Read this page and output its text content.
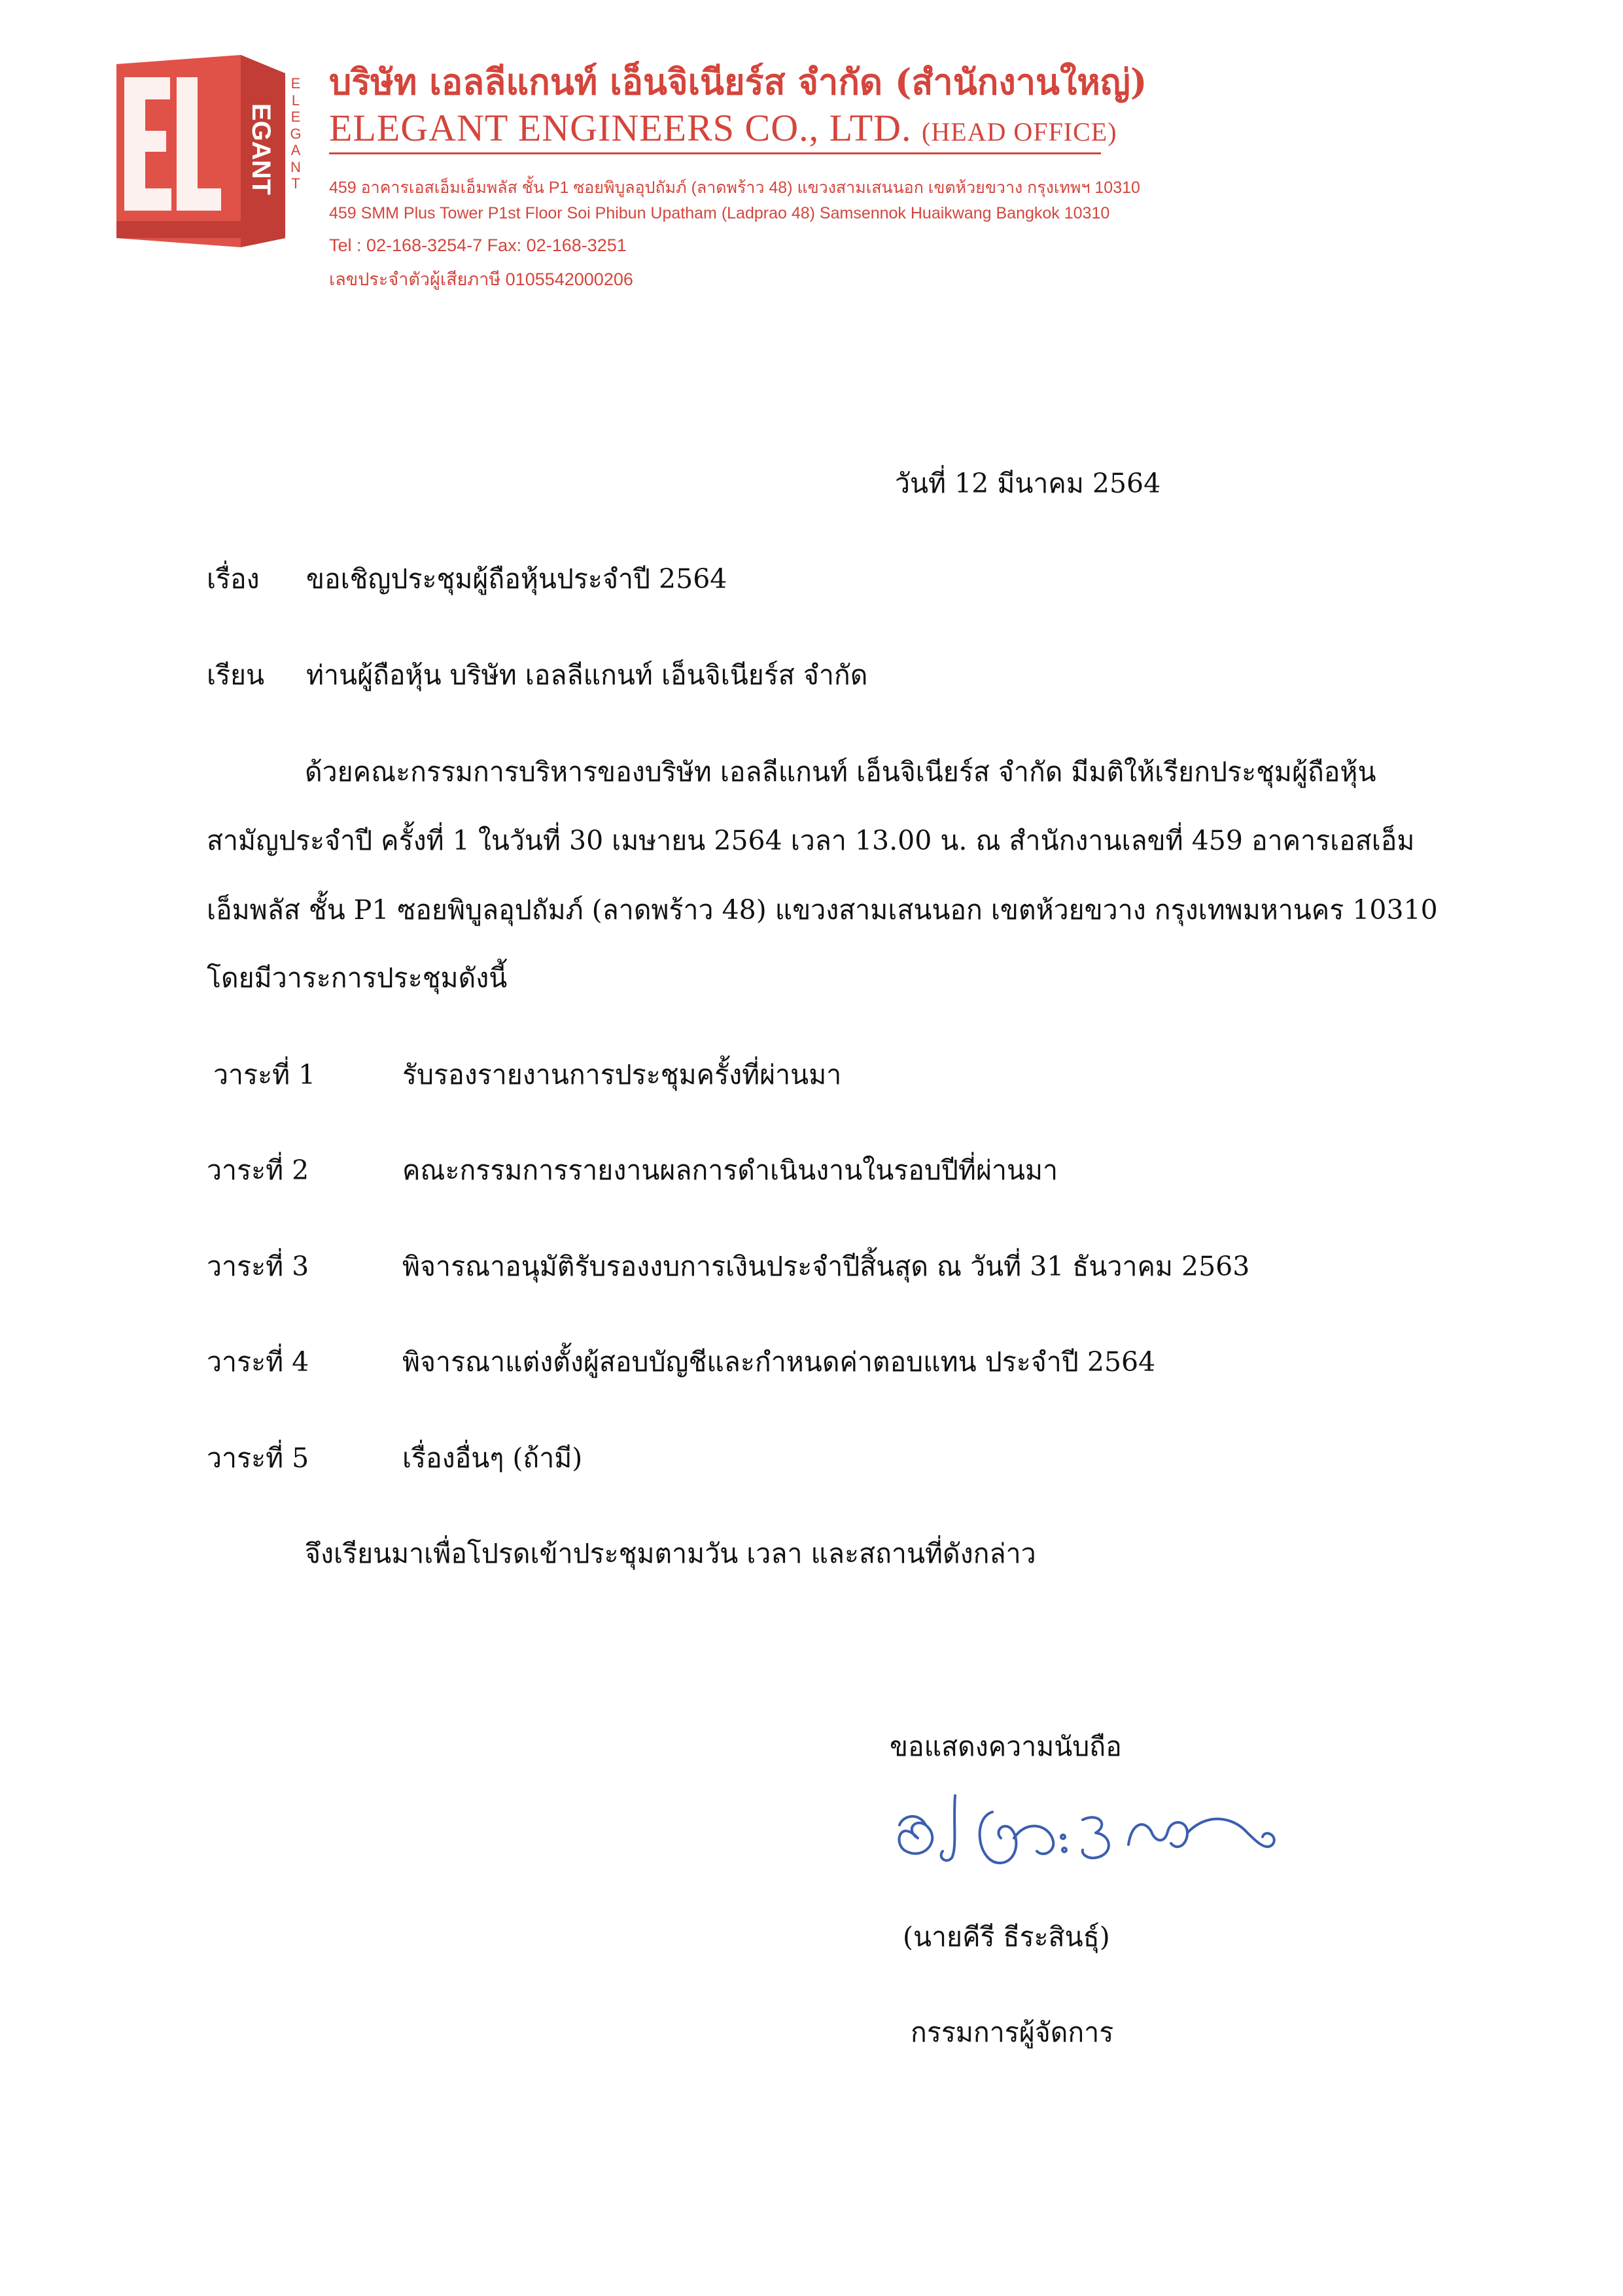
EGANT
E
L
E
G
A
N
T
บริษัท เอลลีแกนท์ เอ็นจิเนียร์ส จำกัด (สำนักงานใหญ่)
ELEGANT ENGINEERS CO., LTD. (HEAD OFFICE)
459 อาคารเอสเอ็มเอ็มพลัส ชั้น P1 ซอยพิบูลอุปถัมภ์ (ลาดพร้าว 48) แขวงสามเสนนอก เขตห้วยขวาง กรุงเทพฯ 10310
459 SMM Plus Tower P1st Floor Soi Phibun Upatham (Ladprao 48) Samsennok Huaikwang Bangkok 10310
Tel : 02-168-3254-7 Fax: 02-168-3251
เลขประจำตัวผู้เสียภาษี 0105542000206
วันที่ 12 มีนาคม 2564
เรื่อง ขอเชิญประชุมผู้ถือหุ้นประจำปี 2564
เรียน ท่านผู้ถือหุ้น บริษัท เอลลีแกนท์ เอ็นจิเนียร์ส จำกัด
ด้วยคณะกรรมการบริหารของบริษัท เอลลีแกนท์ เอ็นจิเนียร์ส จำกัด มีมติให้เรียกประชุมผู้ถือหุ้น
สามัญประจำปี ครั้งที่ 1 ในวันที่ 30 เมษายน 2564 เวลา 13.00 น. ณ สำนักงานเลขที่ 459 อาคารเอสเอ็ม
เอ็มพลัส ชั้น P1 ซอยพิบูลอุปถัมภ์ (ลาดพร้าว 48) แขวงสามเสนนอก เขตห้วยขวาง กรุงเทพมหานคร 10310
โดยมีวาระการประชุมดังนี้
วาระที่ 1	รับรองรายงานการประชุมครั้งที่ผ่านมา
วาระที่ 2	คณะกรรมการรายงานผลการดำเนินงานในรอบปีที่ผ่านมา
วาระที่ 3	พิจารณาอนุมัติรับรองงบการเงินประจำปีสิ้นสุด ณ วันที่ 31 ธันวาคม 2563
วาระที่ 4	พิจารณาแต่งตั้งผู้สอบบัญชีและกำหนดค่าตอบแทน ประจำปี 2564
วาระที่ 5	เรื่องอื่นๆ (ถ้ามี)
จึงเรียนมาเพื่อโปรดเข้าประชุมตามวัน เวลา และสถานที่ดังกล่าว
ขอแสดงความนับถือ
(นายคีรี ธีระสินธุ์)
กรรมการผู้จัดการ
